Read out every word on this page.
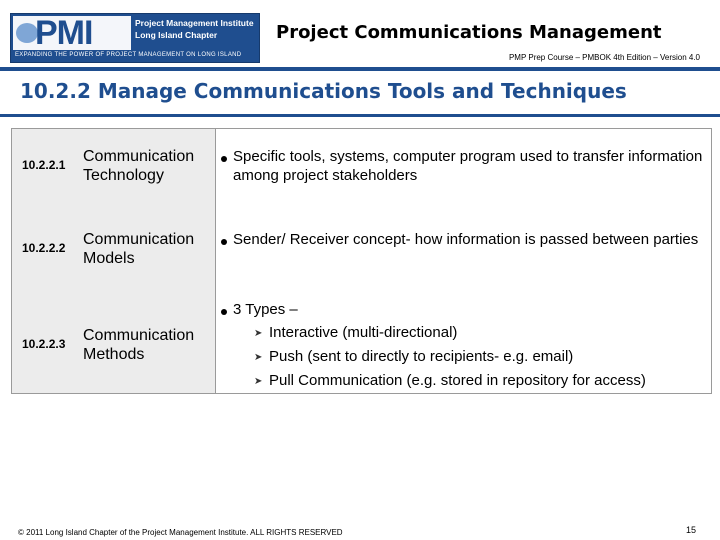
PMI	Project Management Institute
Long Island Chapter
EXPANDING THE POWER OF PROJECT MANAGEMENT ON LONG ISLAND
Project Communications Management
PMP Prep Course – PMBOK 4th Edition – Version 4.0
10.2.2 Manage Communications Tools and Techniques
10.2.2.1 Communication Technology
Specific tools, systems, computer program used to transfer information among project stakeholders
10.2.2.2 Communication Models
Sender/ Receiver concept- how information is passed between parties
10.2.2.3 Communication Methods
3 Types –
➤ Interactive (multi-directional)
➤ Push (sent to directly to recipients- e.g. email)
➤ Pull Communication (e.g. stored in repository for access)
© 2011 Long Island Chapter of the Project Management Institute. ALL RIGHTS RESERVED	15
